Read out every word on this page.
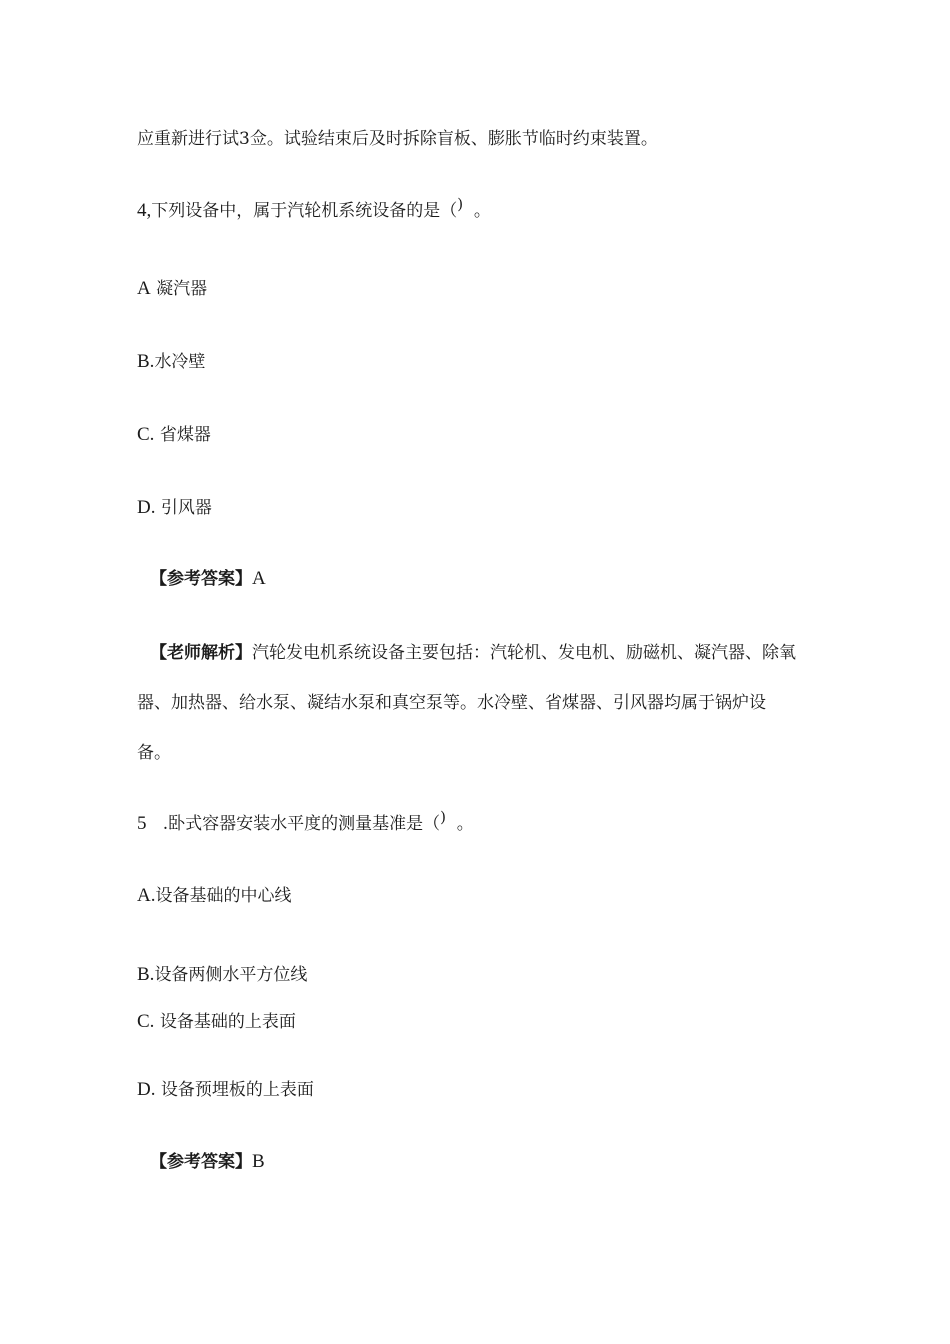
应重新进行试3佥。试验结束后及时拆除盲板、膨胀节临时约束装置。
4,下列设备中，属于汽轮机系统设备的是（) 。
A 凝汽器
B.水冷壁
C. 省煤器
D. 引风器
【参考答案】A
【老师解析】汽轮发电机系统设备主要包括：汽轮机、发电机、励磁机、凝汽器、除氧
器、加热器、给水泵、凝结水泵和真空泵等。水冷壁、省煤器、引风器均属于锅炉设
备。
5 .卧式容器安装水平度的测量基准是（) 。
A.设备基础的中心线
B.设备两侧水平方位线
C. 设备基础的上表面
D. 设备预埋板的上表面
【参考答案】B
